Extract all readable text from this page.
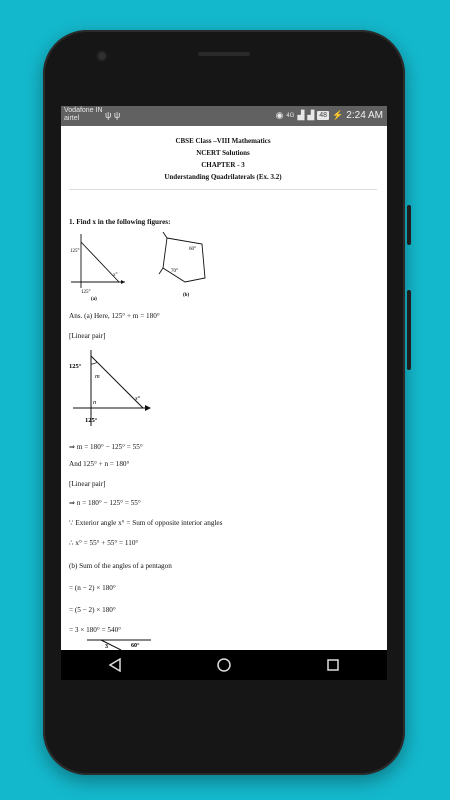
Vodafone IN
airtel	ψ ψ	◉ 4G ▟ ▟ 48 ⚡ 2:24 AM
CBSE Class –VIII Mathematics
NCERT Solutions
CHAPTER - 3
Understanding Quadrilaterals (Ex. 3.2)
1. Find x in the following figures:
125°
125°
x°
(a)
60°
70°
(b)
Ans. (a) Here, 125° + m = 180°
[Linear pair]
125°
m
n	x°
125°
⇒ m = 180° − 125° = 55°
And 125° + n = 180°
[Linear pair]
⇒ n = 180° − 125° = 55°
∵ Exterior angle x° = Sum of opposite interior angles
∴ x° = 55° + 55° = 110°
(b) Sum of the angles of a pentagon
= (n − 2) × 180°
= (5 − 2) × 180°
= 3 × 180° = 540°
3	60°
